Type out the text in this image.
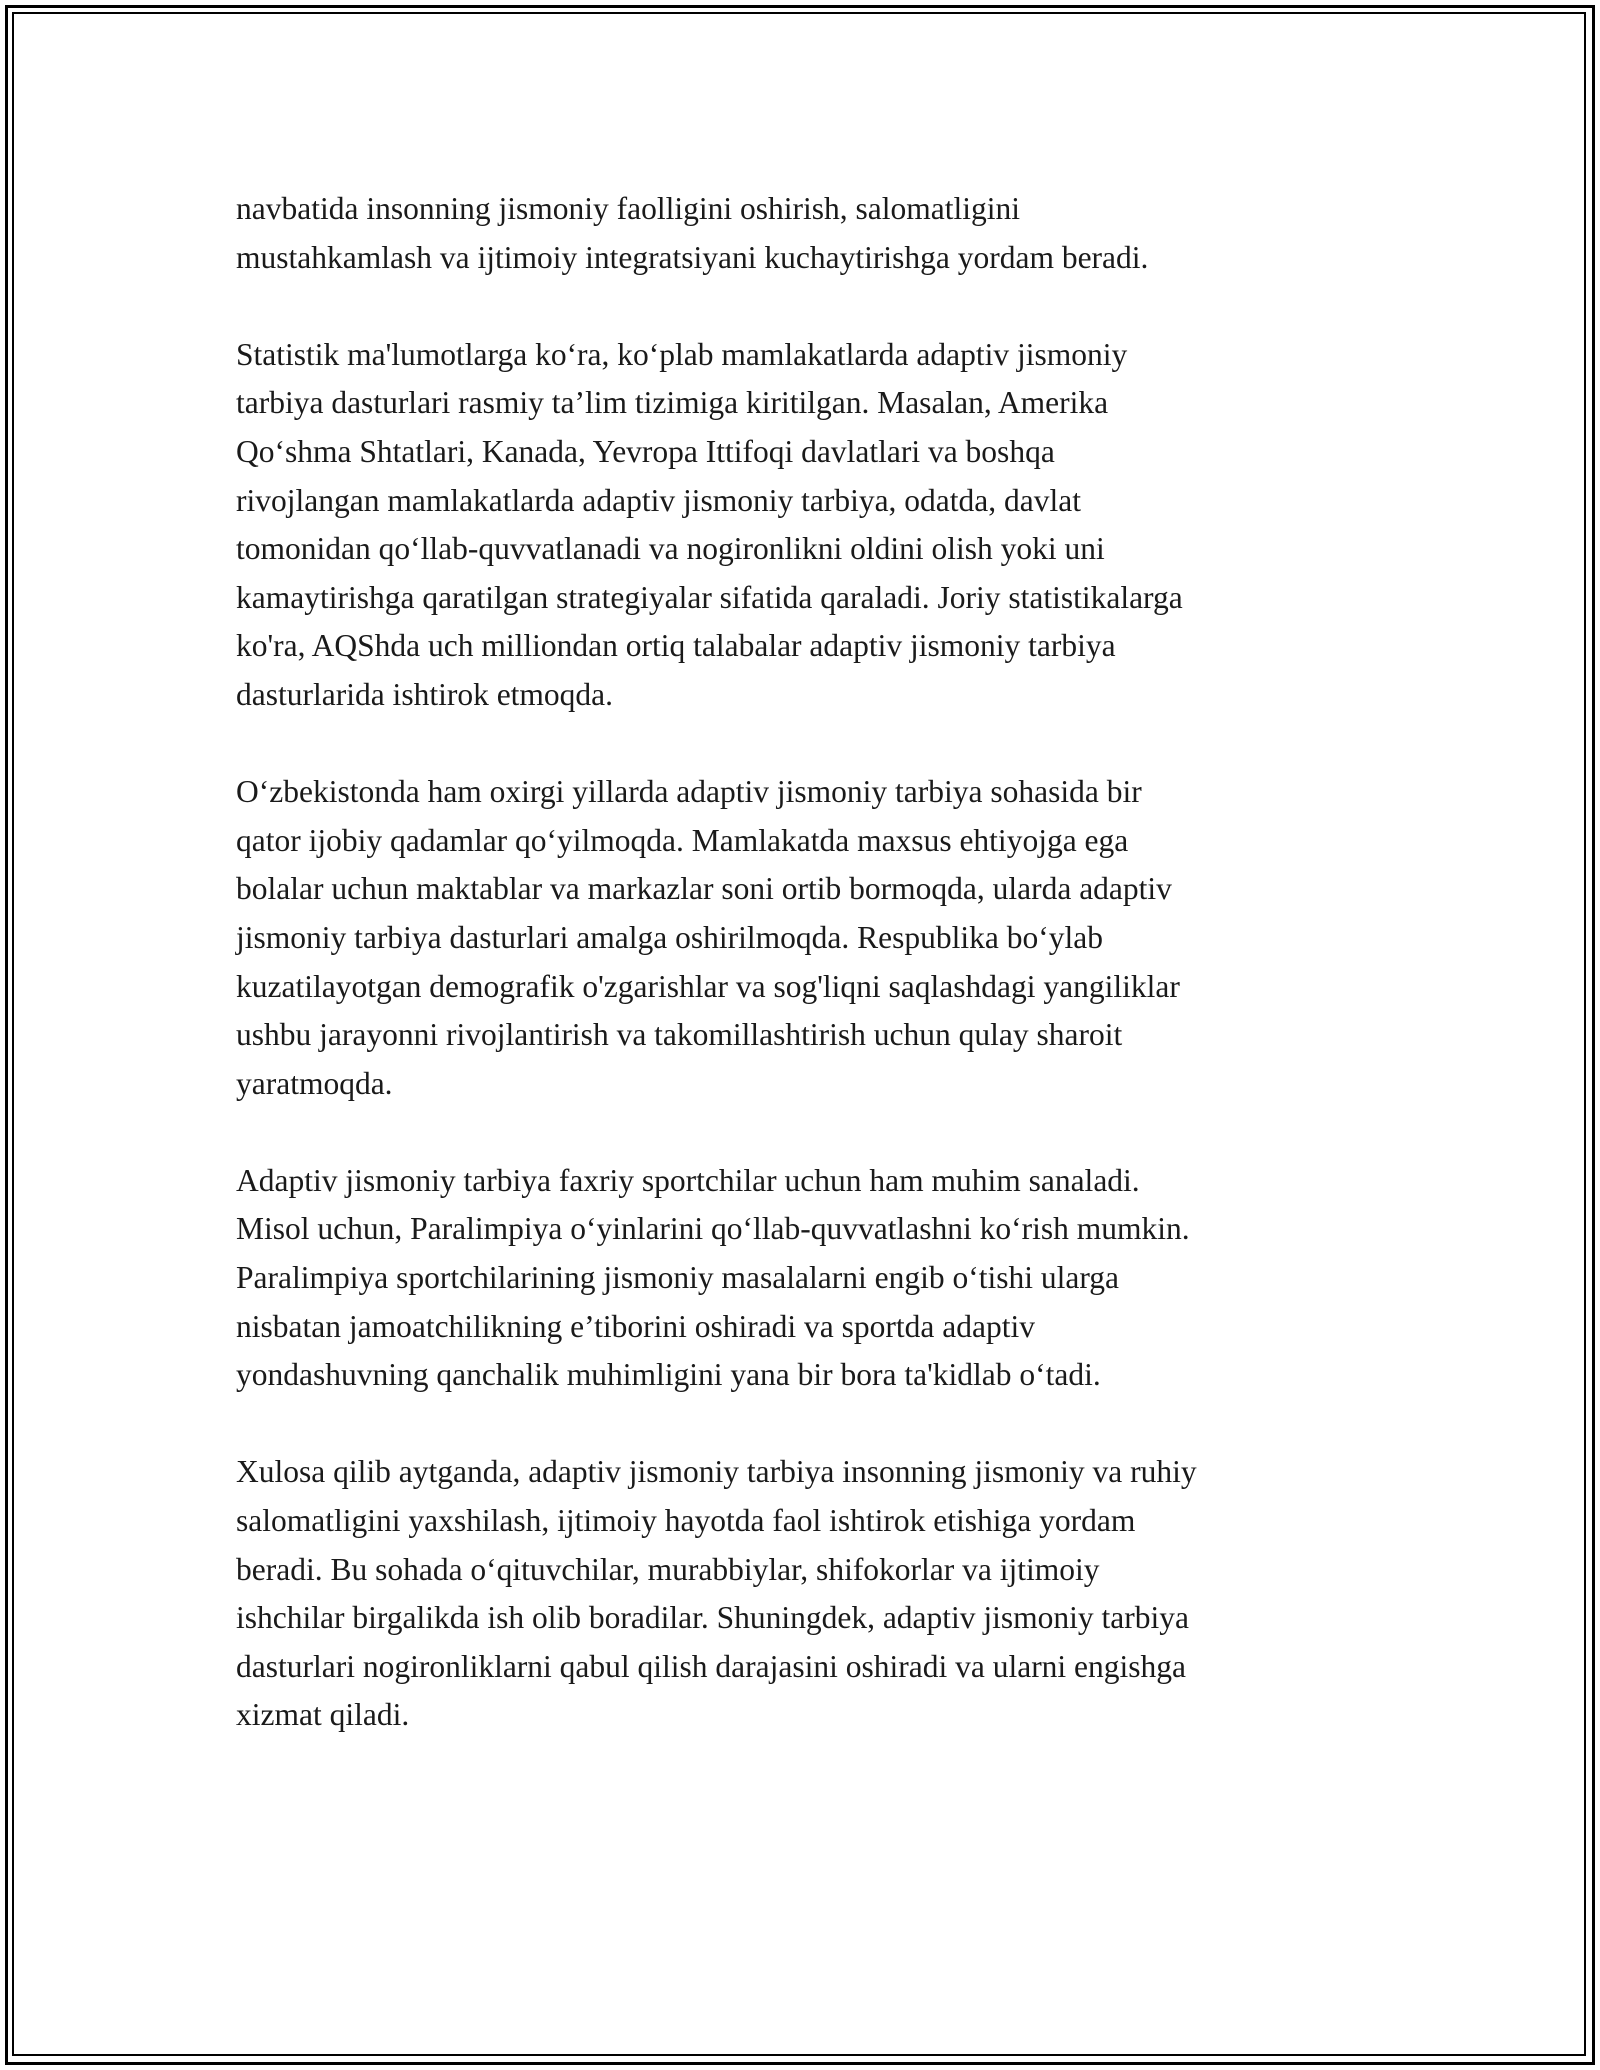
navbatida insonning jismoniy faolligini oshirish, salomatligini
mustahkamlash va ijtimoiy integratsiyani kuchaytirishga yordam beradi.

Statistik ma'lumotlarga ko‘ra, ko‘plab mamlakatlarda adaptiv jismoniy
tarbiya dasturlari rasmiy ta’lim tizimiga kiritilgan. Masalan, Amerika
Qo‘shma Shtatlari, Kanada, Yevropa Ittifoqi davlatlari va boshqa
rivojlangan mamlakatlarda adaptiv jismoniy tarbiya, odatda, davlat
tomonidan qo‘llab-quvvatlanadi va nogironlikni oldini olish yoki uni
kamaytirishga qaratilgan strategiyalar sifatida qaraladi. Joriy statistikalarga
ko'ra, AQShda uch milliondan ortiq talabalar adaptiv jismoniy tarbiya
dasturlarida ishtirok etmoqda.

O‘zbekistonda ham oxirgi yillarda adaptiv jismoniy tarbiya sohasida bir
qator ijobiy qadamlar qo‘yilmoqda. Mamlakatda maxsus ehtiyojga ega
bolalar uchun maktablar va markazlar soni ortib bormoqda, ularda adaptiv
jismoniy tarbiya dasturlari amalga oshirilmoqda. Respublika bo‘ylab
kuzatilayotgan demografik o'zgarishlar va sog'liqni saqlashdagi yangiliklar
ushbu jarayonni rivojlantirish va takomillashtirish uchun qulay sharoit
yaratmoqda.

Adaptiv jismoniy tarbiya faxriy sportchilar uchun ham muhim sanaladi.
Misol uchun, Paralimpiya o‘yinlarini qo‘llab-quvvatlashni ko‘rish mumkin.
Paralimpiya sportchilarining jismoniy masalalarni engib o‘tishi ularga
nisbatan jamoatchilikning e’tiborini oshiradi va sportda adaptiv
yondashuvning qanchalik muhimligini yana bir bora ta'kidlab o‘tadi.

Xulosa qilib aytganda, adaptiv jismoniy tarbiya insonning jismoniy va ruhiy
salomatligini yaxshilash, ijtimoiy hayotda faol ishtirok etishiga yordam
beradi. Bu sohada o‘qituvchilar, murabbiylar, shifokorlar va ijtimoiy
ishchilar birgalikda ish olib boradilar. Shuningdek, adaptiv jismoniy tarbiya
dasturlari nogironliklarni qabul qilish darajasini oshiradi va ularni engishga
xizmat qiladi.
